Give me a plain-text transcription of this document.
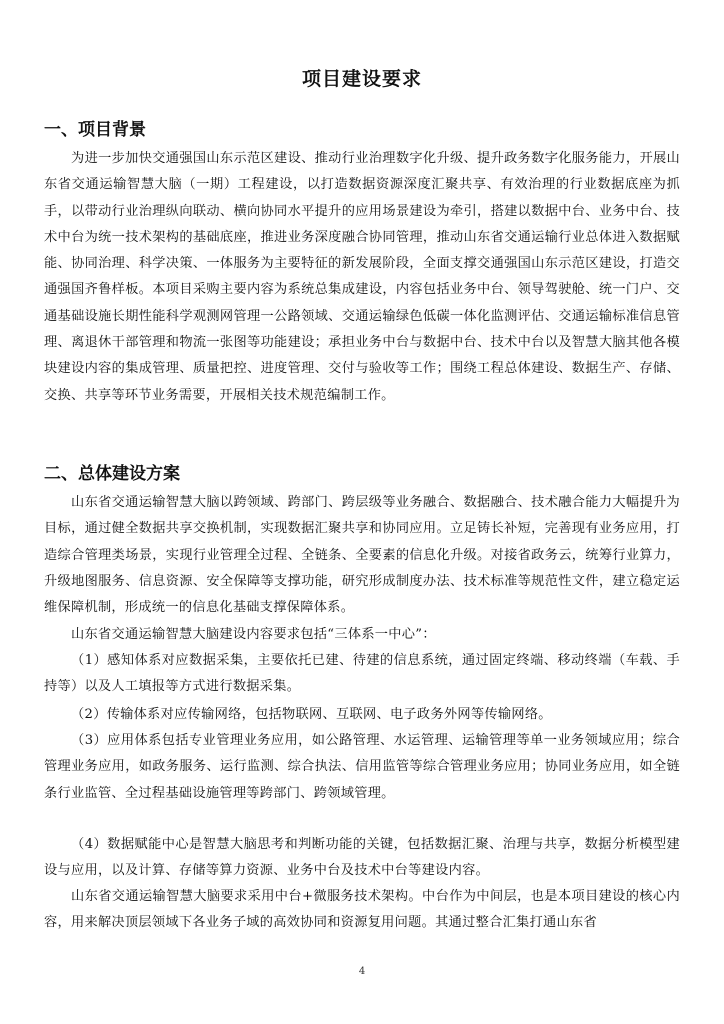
项目建设要求
一、项目背景
为进一步加快交通强国山东示范区建设、推动行业治理数字化升级、提升政务数字化服务能力，开展山东省交通运输智慧大脑（一期）工程建设，以打造数据资源深度汇聚共享、有效治理的行业数据底座为抓手，以带动行业治理纵向联动、横向协同水平提升的应用场景建设为牵引，搭建以数据中台、业务中台、技术中台为统一技术架构的基础底座，推进业务深度融合协同管理，推动山东省交通运输行业总体进入数据赋能、协同治理、科学决策、一体服务为主要特征的新发展阶段，全面支撑交通强国山东示范区建设，打造交通强国齐鲁样板。本项目采购主要内容为系统总集成建设，内容包括业务中台、领导驾驶舱、统一门户、交通基础设施长期性能科学观测网管理一公路领域、交通运输绿色低碳一体化监测评估、交通运输标准信息管理、离退休干部管理和物流一张图等功能建设；承担业务中台与数据中台、技术中台以及智慧大脑其他各模块建设内容的集成管理、质量把控、进度管理、交付与验收等工作；围绕工程总体建设、数据生产、存储、交换、共享等环节业务需要，开展相关技术规范编制工作。
二、总体建设方案
山东省交通运输智慧大脑以跨领域、跨部门、跨层级等业务融合、数据融合、技术融合能力大幅提升为目标，通过健全数据共享交换机制，实现数据汇聚共享和协同应用。立足铸长补短，完善现有业务应用，打造综合管理类场景，实现行业管理全过程、全链条、全要素的信息化升级。对接省政务云，统筹行业算力，升级地图服务、信息资源、安全保障等支撑功能，研究形成制度办法、技术标准等规范性文件，建立稳定运维保障机制，形成统一的信息化基础支撑保障体系。
山东省交通运输智慧大脑建设内容要求包括“三体系一中心”：
（1）感知体系对应数据采集，主要依托已建、待建的信息系统，通过固定终端、移动终端（车载、手持等）以及人工填报等方式进行数据采集。
（2）传输体系对应传输网络，包括物联网、互联网、电子政务外网等传输网络。
（3）应用体系包括专业管理业务应用，如公路管理、水运管理、运输管理等单一业务领域应用；综合管理业务应用，如政务服务、运行监测、综合执法、信用监管等综合管理业务应用；协同业务应用，如全链条行业监管、全过程基础设施管理等跨部门、跨领域管理。
（4）数据赋能中心是智慧大脑思考和判断功能的关键，包括数据汇聚、治理与共享，数据分析模型建设与应用，以及计算、存储等算力资源、业务中台及技术中台等建设内容。
山东省交通运输智慧大脑要求采用中台+微服务技术架构。中台作为中间层，也是本项目建设的核心内容，用来解决顶层领域下各业务子域的高效协同和资源复用问题。其通过整合汇集打通山东省
4
